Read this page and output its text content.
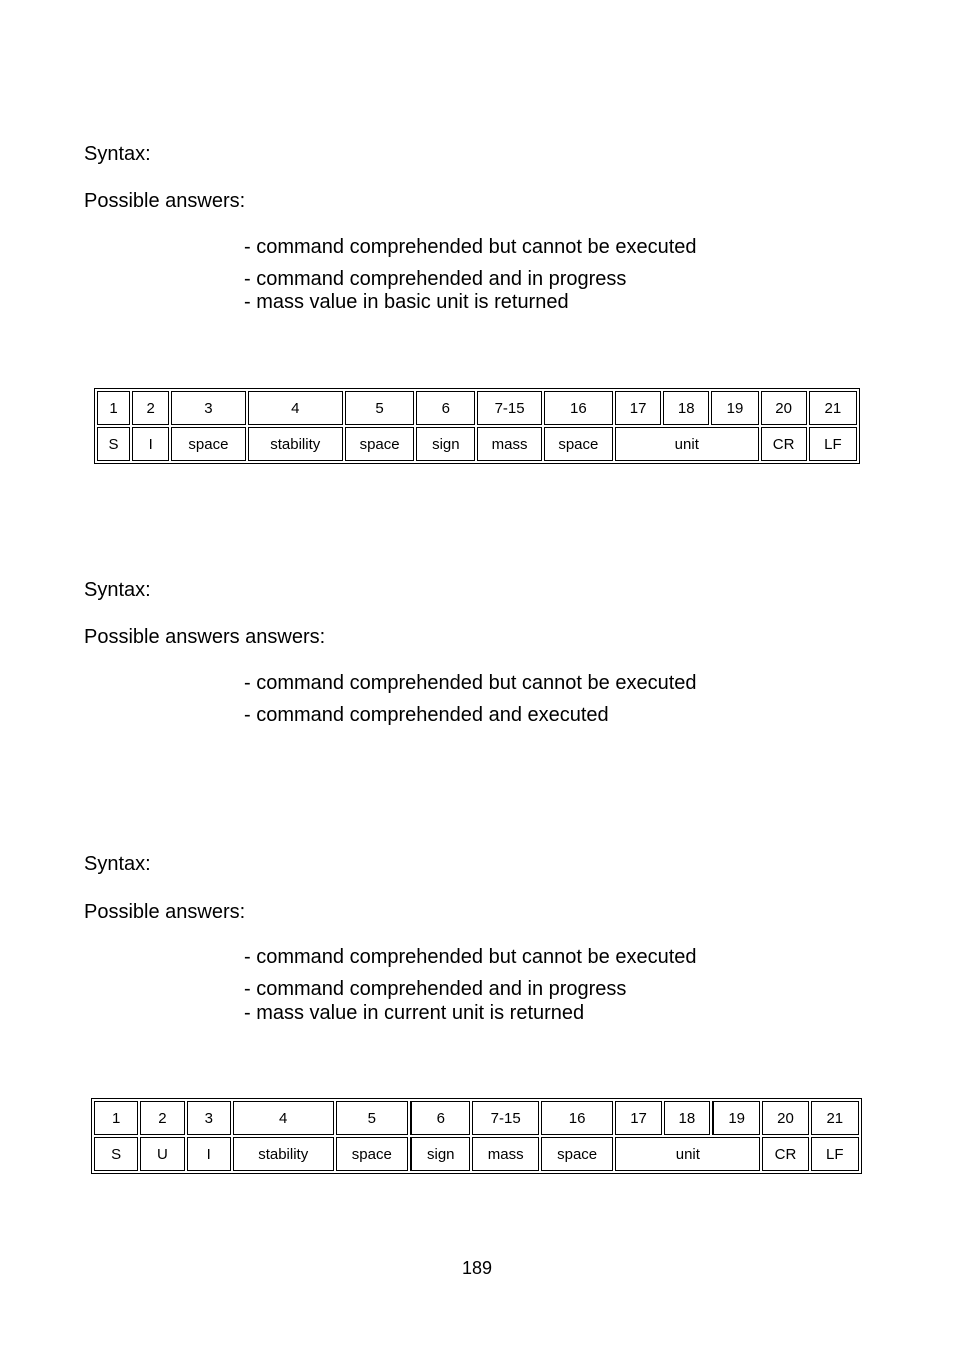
Syntax:
Possible answers:
- command comprehended but cannot be executed
- command comprehended and in progress
- mass value in basic unit is returned
1	2	3	4	5	6	7-15	16	17	18	19	20	21
S	I	space	stability	space	sign	mass	space	unit			CR	LF
Syntax:
Possible answers answers:
- command comprehended but cannot be executed
- command comprehended and executed
Syntax:
Possible answers:
- command comprehended but cannot be executed
- command comprehended and in progress
- mass value in current unit is returned
1	2	3	4	5	6	7-15	16	17	18	19	20	21
S	U	I	stability	space	sign	mass	space	unit			CR	LF
189
